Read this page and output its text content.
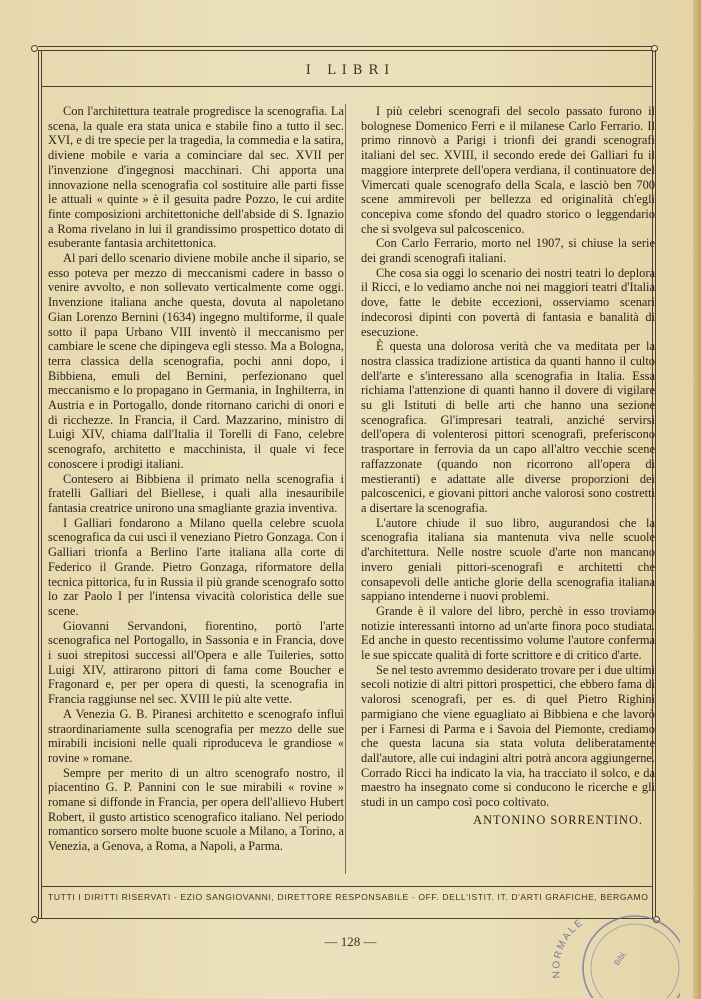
I LIBRI

Con l'architettura teatrale progredisce la scenografia. La scena, la quale era stata unica e stabile fino a tutto il sec. XVI, e di tre specie per la tragedia, la commedia e la satira, diviene mobile e varia a cominciare dal sec. XVII per l'invenzione d'ingegnosi macchinari. Chi apporta una innovazione nella scenografia col sostituire alle parti fisse le attuali « quinte » è il gesuita padre Pozzo, le cui ardite finte composizioni architettoniche dell'abside di S. Ignazio a Roma rivelano in lui il grandissimo prospettico dotato di esuberante fantasia architettonica.

Al pari dello scenario diviene mobile anche il sipario, se esso poteva per mezzo di meccanismi cadere in basso o venire avvolto, e non sollevato verticalmente come oggi. Invenzione italiana anche questa, dovuta al napoletano Gian Lorenzo Bernini (1634) ingegno multiforme, il quale sotto il papa Urbano VIII inventò il meccanismo per cambiare le scene che dipingeva egli stesso. Ma a Bologna, terra classica della scenografia, pochi anni dopo, i Bibbiena, emuli del Bernini, perfezionano quel meccanismo e lo propagano in Germania, in Inghilterra, in Austria e in Portogallo, donde ritornano carichi di onori e di ricchezze. In Francia, il Card. Mazzarino, ministro di Luigi XIV, chiama dall'Italia il Torelli di Fano, celebre scenografo, architetto e macchinista, il quale vi fece conoscere i prodigi italiani.

Contesero ai Bibbiena il primato nella scenografia i fratelli Galliari del Biellese, i quali alla inesauribile fantasia creatrice unirono una smagliante grazia inventiva.

I Galliari fondarono a Milano quella celebre scuola scenografica da cui uscì il veneziano Pietro Gonzaga. Con i Galliari trionfa a Berlino l'arte italiana alla corte di Federico il Grande. Pietro Gonzaga, riformatore della tecnica pittorica, fu in Russia il più grande scenografo sotto lo zar Paolo I per l'intensa vivacità coloristica delle sue scene.

Giovanni Servandoni, fiorentino, portò l'arte scenografica nel Portogallo, in Sassonia e in Francia, dove i suoi strepitosi successi all'Opera e alle Tuileries, sotto Luigi XIV, attirarono pittori di fama come Boucher e Fragonard e, per per opera di questi, la scenografia in Francia raggiunse nel sec. XVIII le più alte vette.

A Venezia G. B. Piranesi architetto e scenografo influì straordinariamente sulla scenografia per mezzo delle sue mirabili incisioni nelle quali riproduceva le grandiose « rovine » romane.

Sempre per merito di un altro scenografo nostro, il piacentino G. P. Pannini con le sue mirabili « rovine » romane si diffonde in Francia, per opera dell'allievo Hubert Robert, il gusto artistico scenografico italiano. Nel periodo romantico sorsero molte buone scuole a Milano, a Torino, a Venezia, a Genova, a Roma, a Napoli, a Parma.

I più celebri scenografi del secolo passato furono il bolognese Domenico Ferri e il milanese Carlo Ferrario. Il primo rinnovò a Parigi i trionfi dei grandi scenografi italiani del sec. XVIII, il secondo erede dei Galliari fu il maggiore interprete dell'opera verdiana, il continuatore del Vimercati quale scenografo della Scala, e lasciò ben 700 scene ammirevoli per bellezza ed originalità ch'egli concepiva come sfondo del quadro storico o leggendario che si svolgeva sul palcoscenico.

Con Carlo Ferrario, morto nel 1907, si chiuse la serie dei grandi scenografi italiani.

Che cosa sia oggi lo scenario dei nostri teatri lo deplora il Ricci, e lo vediamo anche noi nei maggiori teatri d'Italia dove, fatte le debite eccezioni, osserviamo scenari indecorosi dipinti con povertà di fantasia e banalità di esecuzione.

È questa una dolorosa verità che va meditata per la nostra classica tradizione artistica da quanti hanno il culto dell'arte e s'interessano alla scenografia in Italia. Essa richiama l'attenzione di quanti hanno il dovere di vigilare su gli Istituti di belle arti che hanno una sezione scenografica. Gl'impresari teatrali, anziché servirsi dell'opera di volenterosi pittori scenografi, preferiscono trasportare in ferrovia da un capo all'altro vecchie scene raffazzonate (quando non ricorrono all'opera di mestieranti) e adattate alle diverse proporzioni dei palcoscenici, e giovani pittori anche valorosi sono costretti a disertare la scenografia.

L'autore chiude il suo libro, augurandosi che la scenografia italiana sia mantenuta viva nelle scuole d'architettura. Nelle nostre scuole d'arte non mancano invero geniali pittori-scenografi e architetti che consapevoli delle antiche glorie della scenografia italiana sappiano intenderne i nuovi problemi.

Grande è il valore del libro, perchè in esso troviamo notizie interessanti intorno ad un'arte finora poco studiata. Ed anche in questo recentissimo volume l'autore conferma le sue spiccate qualità di forte scrittore e di critico d'arte.

Se nel testo avremmo desiderato trovare per i due ultimi secoli notizie di altri pittori prospettici, che ebbero fama di valorosi scenografi, per es. di quel Pietro Righini parmigiano che viene eguagliato ai Bibbiena e che lavorò per i Farnesi di Parma e i Savoia del Piemonte, crediamo che questa lacuna sia stata voluta deliberatamente dall'autore, alle cui indagini altri potrà ancora aggiungerne. Corrado Ricci ha indicato la via, ha tracciato il solco, e da maestro ha insegnato come si conducono le ricerche e gli studi in un campo così poco coltivato.

ANTONINO SORRENTINO.
TUTTI I DIRITTI RISERVATI - EZIO SANGIOVANNI, DIRETTORE RESPONSABILE - OFF. DELL'ISTIT. IT. D'ARTI GRAFICHE, BERGAMO
— 128 —
NORMALE
Bibl.
